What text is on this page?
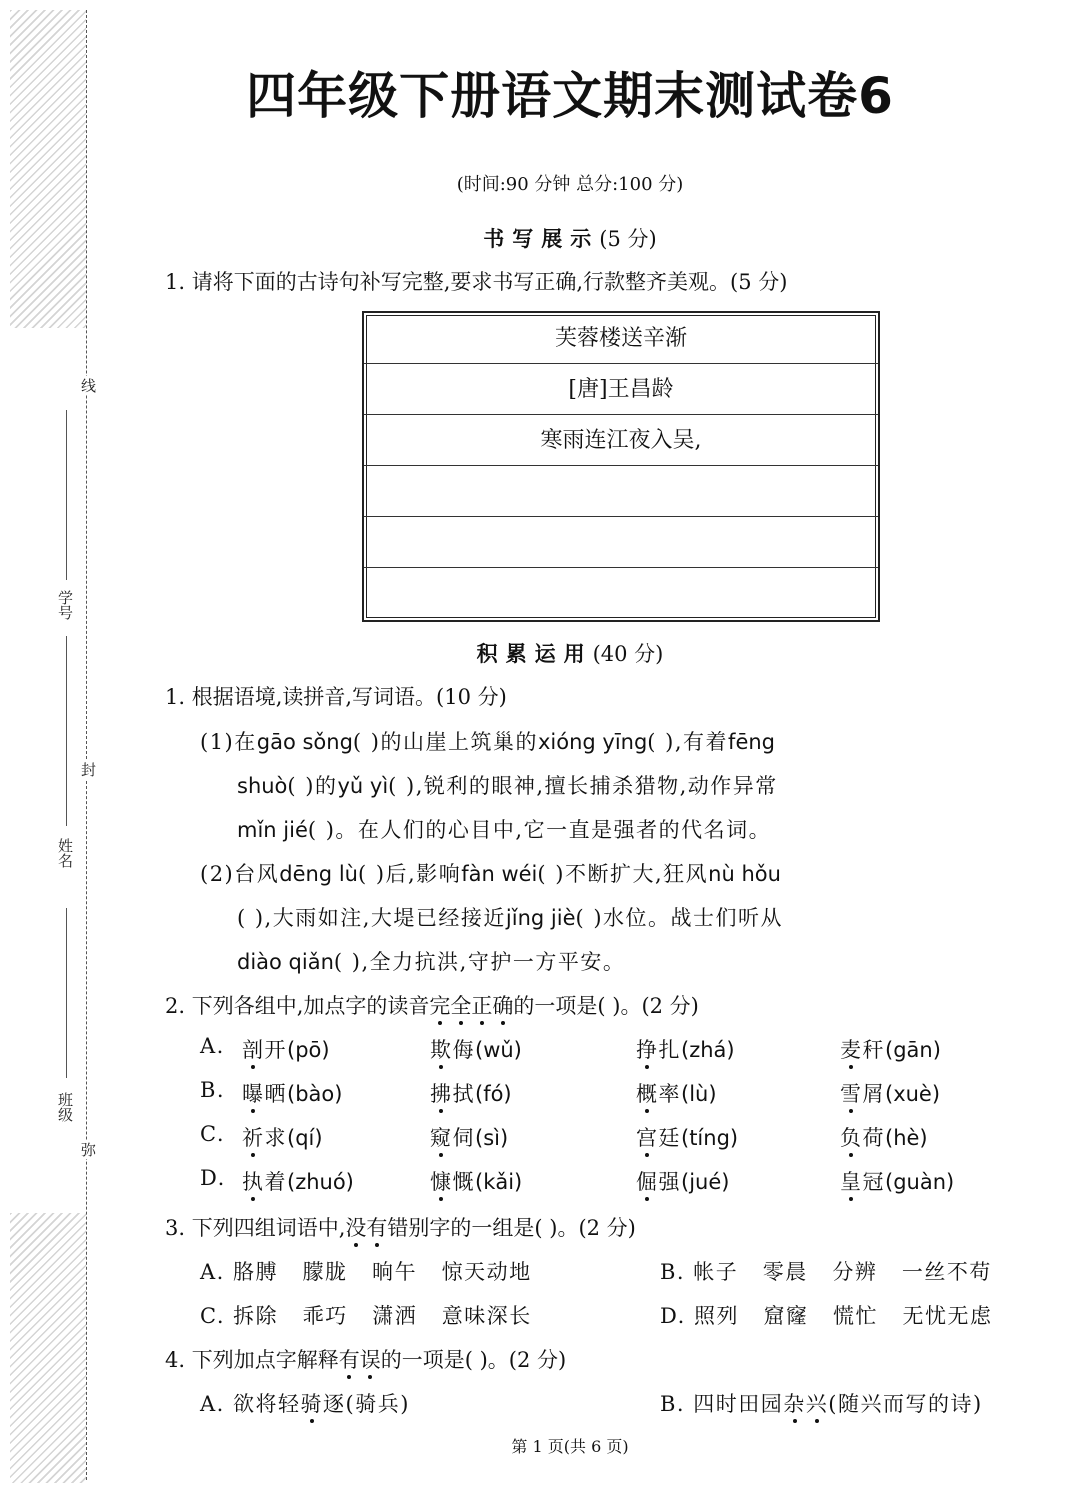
线
封
弥
学号
姓名
班级
四年级下册语文期末测试卷6
(时间:90 分钟 总分:100 分)
书写展示(5 分)
1. 请将下面的古诗句补写完整,要求书写正确,行款整齐美观。(5 分)
芙蓉楼送辛渐
[唐]王昌龄
寒雨连江夜入吴,
积累运用(40 分)
1. 根据语境,读拼音,写词语。(10 分)
(1)在gāo sǒng( )的山崖上筑巢的xióng yīng( ),有着fēng
shuò( )的yǔ yì( ),锐利的眼神,擅长捕杀猎物,动作异常
mǐn jié( )。在人们的心目中,它一直是强者的代名词。
(2)台风dēng lù( )后,影响fàn wéi( )不断扩大,狂风nù hǒu
( ),大雨如注,大堤已经接近jǐng jiè( )水位。战士们听从
diào qiǎn( ),全力抗洪,守护一方平安。
2. 下列各组中,加点字的读音完全正确的一项是( )。(2 分)
A. 剖开(pō)	欺侮(wǔ)	挣扎(zhá)	麦秆(gān)
B. 曝晒(bào)	拂拭(fó)	概率(lù)	雪屑(xuè)
C. 祈求(qí)	窥伺(sì)	宫廷(tíng)	负荷(hè)
D. 执着(zhuó)	慷慨(kǎi)	倔强(jué)	皇冠(guàn)
3. 下列四组词语中,没有错别字的一组是( )。(2 分)
A. 胳膊   朦胧   晌午   惊天动地	B. 帐子   零晨   分辨   一丝不苟
C. 拆除   乖巧   潇洒   意味深长	D. 照列   窟窿   慌忙   无忧无虑
4. 下列加点字解释有误的一项是( )。(2 分)
A. 欲将轻骑逐(骑兵)	B. 四时田园杂兴(随兴而写的诗)
第 1 页(共 6 页)
